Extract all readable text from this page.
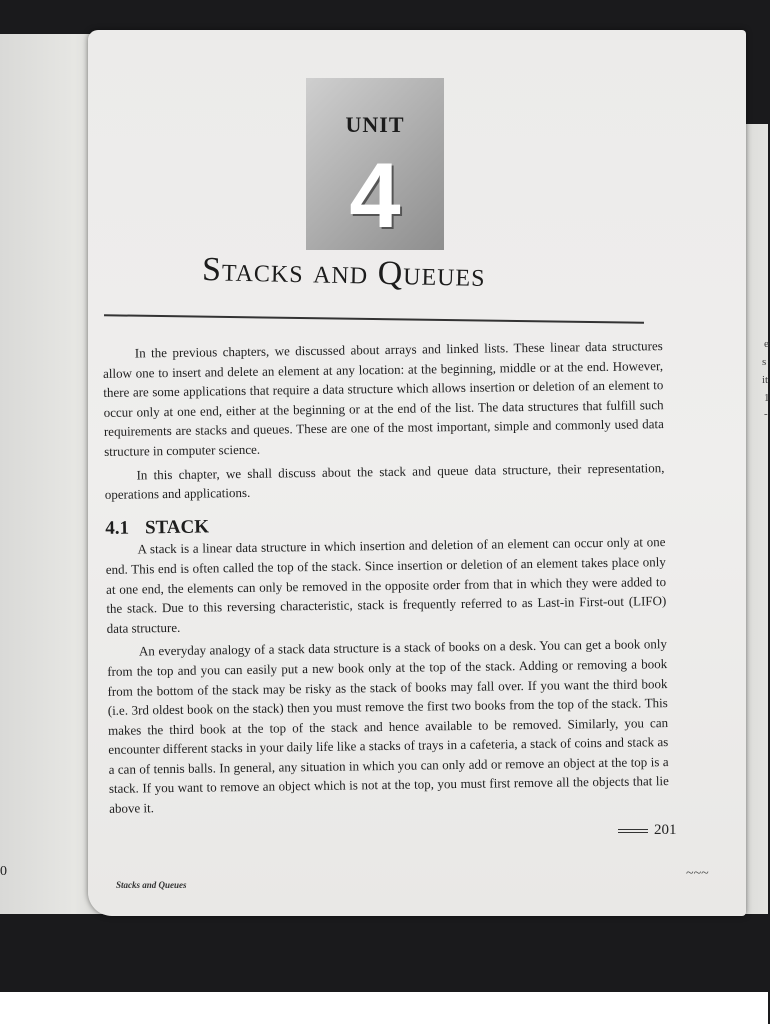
0
e
s
it
1
-
UNIT
4
Stacks and Queues

In the previous chapters, we discussed about arrays and linked lists. These linear data structures allow one to insert and delete an element at any location: at the beginning, middle or at the end. However, there are some applications that require a data structure which allows insertion or deletion of an element to occur only at one end, either at the beginning or at the end of the list. The data structures that fulfill such requirements are stacks and queues. These are one of the most important, simple and commonly used data structure in computer science.

In this chapter, we shall discuss about the stack and queue data structure, their representation, operations and applications.

4.1 STACK

A stack is a linear data structure in which insertion and deletion of an element can occur only at one end. This end is often called the top of the stack. Since insertion or deletion of an element takes place only at one end, the elements can only be removed in the opposite order from that in which they were added to the stack. Due to this reversing characteristic, stack is frequently referred to as Last-in First-out (LIFO) data structure.

An everyday analogy of a stack data structure is a stack of books on a desk. You can get a book only from the top and you can easily put a new book only at the top of the stack. Adding or removing a book from the bottom of the stack may be risky as the stack of books may fall over. If you want the third book (i.e. 3rd oldest book on the stack) then you must remove the first two books from the top of the stack. This makes the third book at the top of the stack and hence available to be removed. Similarly, you can encounter different stacks in your daily life like a stacks of trays in a cafeteria, a stack of coins and stack as a can of tennis balls. In general, any situation in which you can only add or remove an object at the top is a stack. If you want to remove an object which is not at the top, you must first remove all the objects that lie above it.

201
~~~
Stacks and Queues
